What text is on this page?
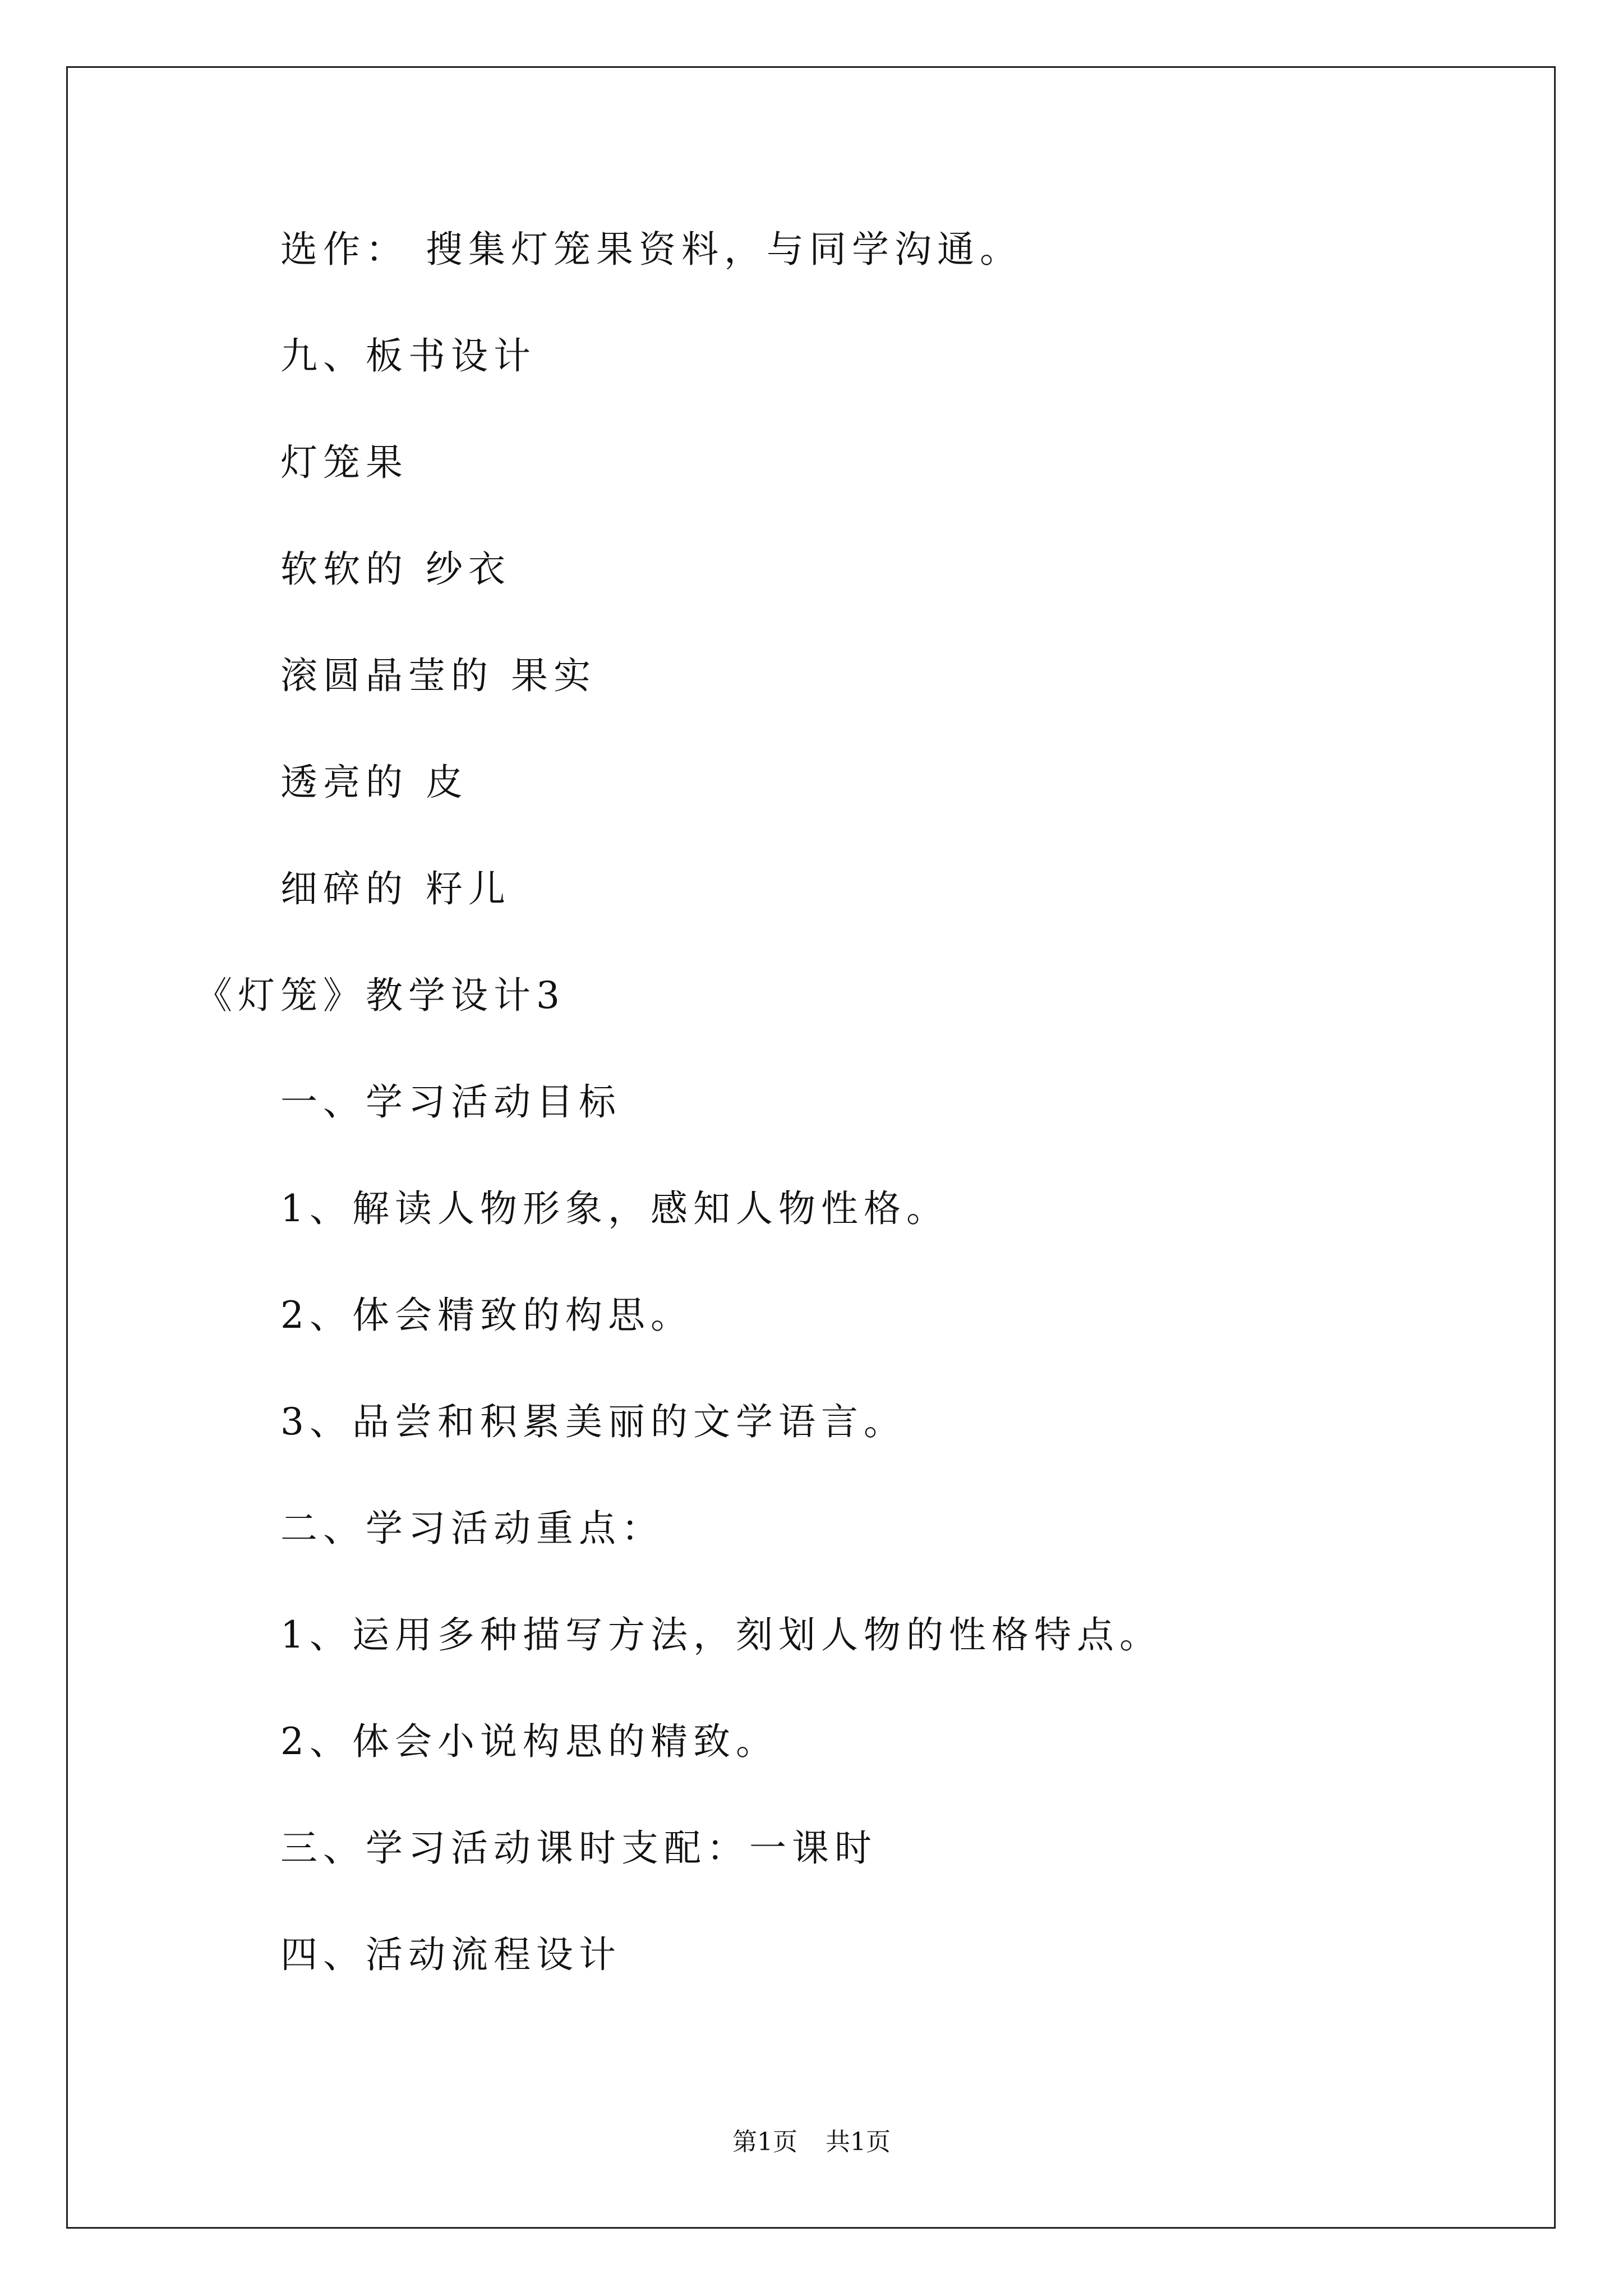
选作： 搜集灯笼果资料，与同学沟通。
九、板书设计
灯笼果
软软的 纱衣
滚圆晶莹的 果实
透亮的 皮
细碎的 籽儿
《灯笼》教学设计3
一、学习活动目标
1、解读人物形象，感知人物性格。
2、体会精致的构思。
3、品尝和积累美丽的文学语言。
二、学习活动重点：
1、运用多种描写方法，刻划人物的性格特点。
2、体会小说构思的精致。
三、学习活动课时支配：一课时
四、活动流程设计
第1页 共1页
